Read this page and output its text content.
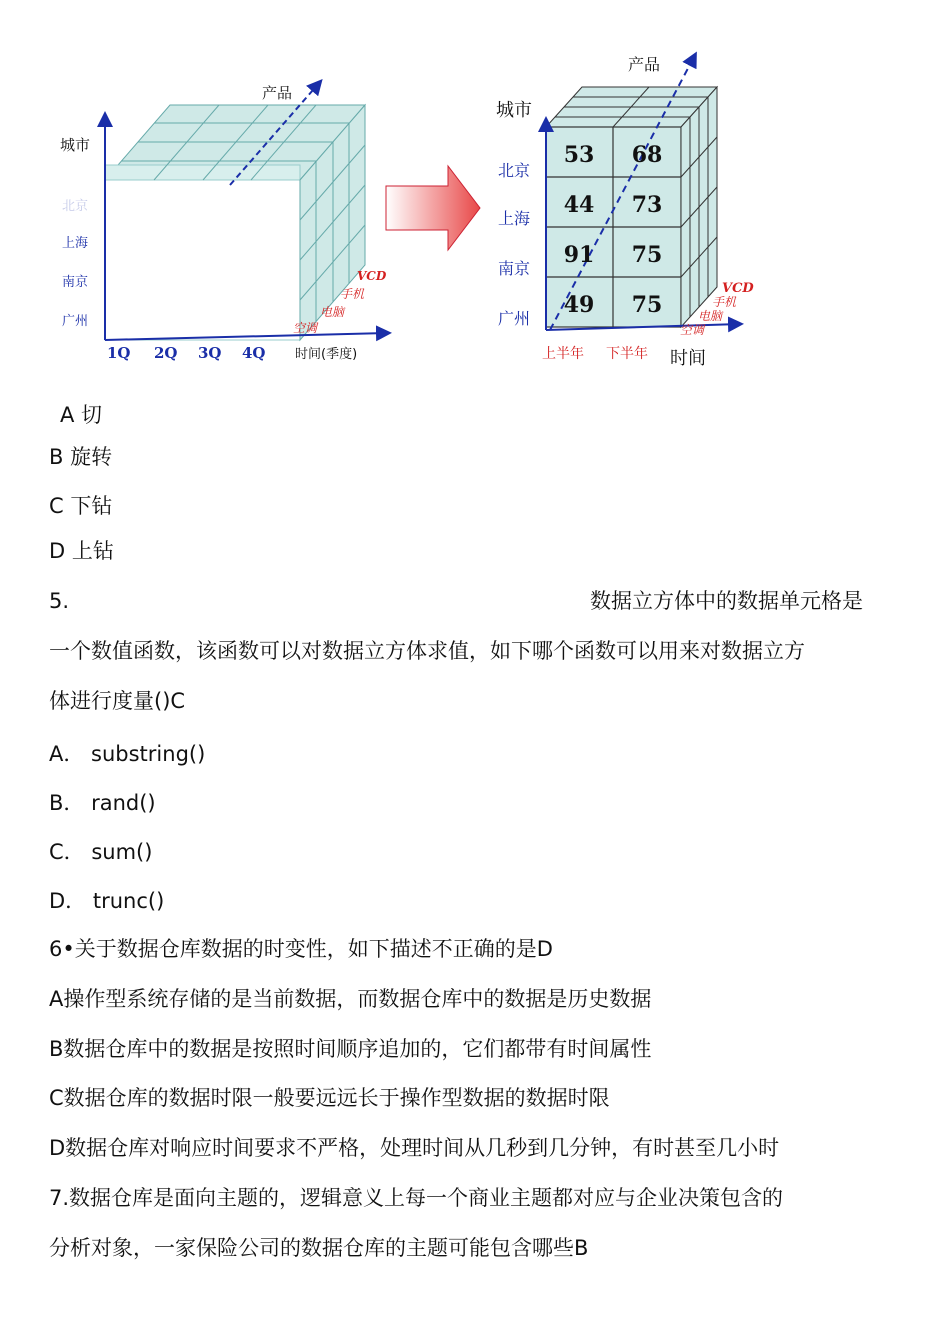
城市
产品
时间(季度)
北京
上海
南京
广州
1Q 2Q 3Q 4Q
VCD
手机
电脑
空调
城市
产品
时间
北京
上海
南京
广州
上半年 下半年
VCD
手机
电脑
空调
53 68
44 73
91 75
49 75
A 切
B 旋转
C 下钻
D 上钻
5.	数据立方体中的数据单元格是
一个数值函数，该函数可以对数据立方体求值，如下哪个函数可以用来对数据立方
体进行度量()C
A． substring()
B． rand()
C． sum()
D． trunc()
6•关于数据仓库数据的时变性，如下描述不正确的是D
A操作型系统存储的是当前数据，而数据仓库中的数据是历史数据
B数据仓库中的数据是按照时间顺序追加的，它们都带有时间属性
C数据仓库的数据时限一般要远远长于操作型数据的数据时限
D数据仓库对响应时间要求不严格，处理时间从几秒到几分钟，有时甚至几小时
7.数据仓库是面向主题的，逻辑意义上每一个商业主题都对应与企业决策包含的
分析对象，一家保险公司的数据仓库的主题可能包含哪些B
